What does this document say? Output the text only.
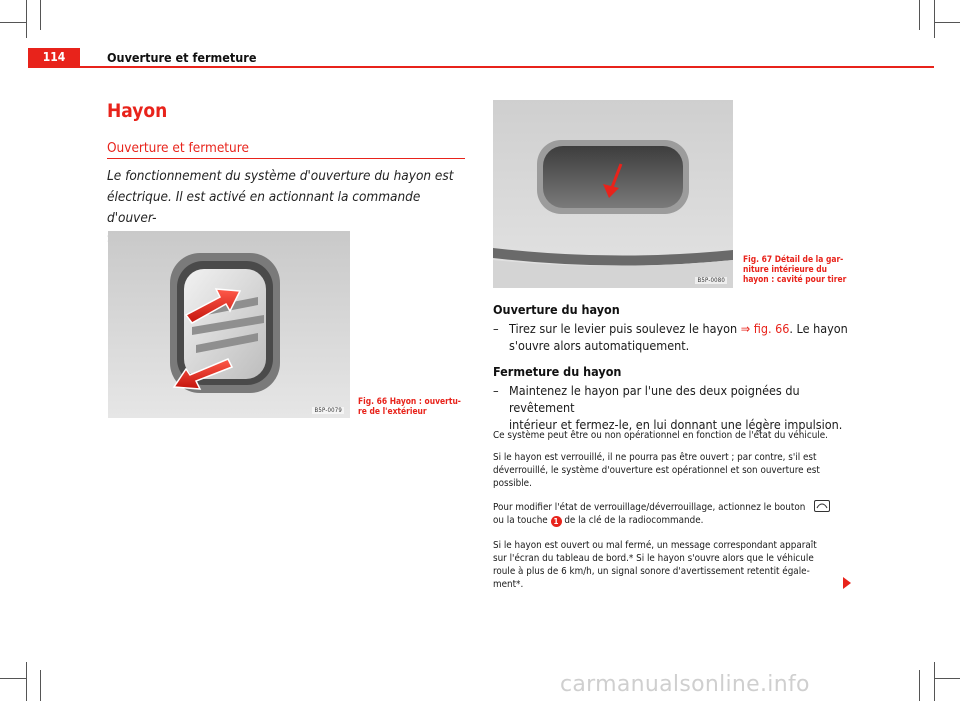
114	Ouverture et fermeture
Hayon
Ouverture et fermeture
Le fonctionnement du système d'ouverture du hayon est
électrique. Il est activé en actionnant la commande d'ouver-
B5P-0079
Fig. 66 Hayon : ouvertu-
re de l'extérieur
B5P-0080
Fig. 67 Détail de la gar-
niture intérieure du
hayon : cavité pour tirer
Ouverture du hayon
– Tirez sur le levier puis soulevez le hayon ⇒ fig. 66. Le hayon
s'ouvre alors automatiquement.
Fermeture du hayon
– Maintenez le hayon par l'une des deux poignées du revêtement
intérieur et fermez-le, en lui donnant une légère impulsion.
Ce système peut être ou non opérationnel en fonction de l'état du véhicule.
Si le hayon est verrouillé, il ne pourra pas être ouvert ; par contre, s'il est
déverrouillé, le système d'ouverture est opérationnel et son ouverture est
possible.
Pour modifier l'état de verrouillage/déverrouillage, actionnez le bouton
ou la touche 1 de la clé de la radiocommande.
Si le hayon est ouvert ou mal fermé, un message correspondant apparaît
sur l'écran du tableau de bord.* Si le hayon s'ouvre alors que le véhicule
roule à plus de 6 km/h, un signal sonore d'avertissement retentit égale-
ment*.
carmanualsonline.info
